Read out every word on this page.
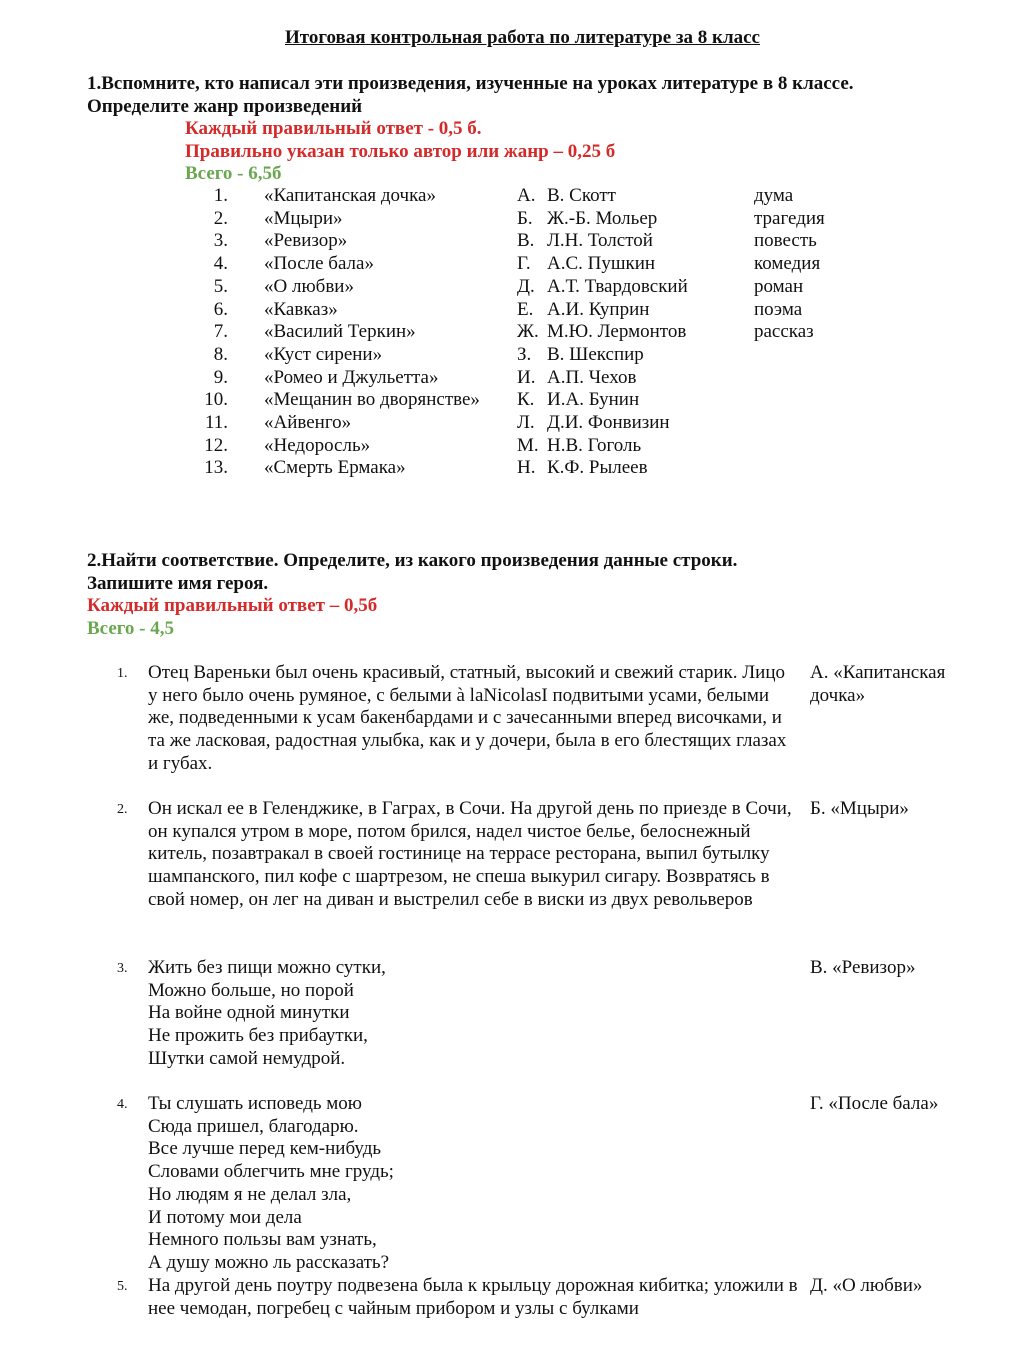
Итоговая контрольная работа по литературе за 8 класс
1.Вспомните, кто написал эти произведения, изученные на уроках литературе в 8 классе.
Определите жанр произведений
Каждый правильный ответ - 0,5 б.
Правильно указан только автор или жанр – 0,25 б
Всего - 6,5б
1.	«Капитанская дочка»	А.	В. Скотт	дума
2.	«Мцыри»	Б.	Ж.-Б. Мольер	трагедия
3.	«Ревизор»	В.	Л.Н. Толстой	повесть
4.	«После бала»	Г.	А.С. Пушкин	комедия
5.	«О любви»	Д.	А.Т. Твардовский	роман
6.	«Кавказ»	Е.	А.И. Куприн	поэма
7.	«Василий Теркин»	Ж.	М.Ю. Лермонтов	рассказ
8.	«Куст сирени»	З.	В. Шекспир	
9.	«Ромео и Джульетта»	И.	А.П. Чехов	
10.	«Мещанин во дворянстве»	К.	И.А. Бунин	
11.	«Айвенго»	Л.	Д.И. Фонвизин	
12.	«Недоросль»	М.	Н.В. Гоголь	
13.	«Смерть Ермака»	Н.	К.Ф. Рылеев	
2.Найти соответствие. Определите, из какого произведения данные строки.
Запишите имя героя.
Каждый правильный ответ – 0,5б
Всего - 4,5
1. Отец Вареньки был очень красивый, статный, высокий и свежий старик. Лицо у него было очень румяное, с белыми à laNicolasI подвитыми усами, белыми же, подведенными к усам бакенбардами и с зачесанными вперед височками, и та же ласковая, радостная улыбка, как и у дочери, была в его блестящих глазах и губах.
А. «Капитанская дочка»
2. Он искал ее в Геленджике, в Гаграх, в Сочи. На другой день по приезде в Сочи, он купался утром в море, потом брился, надел чистое белье, белоснежный китель, позавтракал в своей гостинице на террасе ресторана, выпил бутылку шампанского, пил кофе с шартрезом, не спеша выкурил сигару. Возвратясь в свой номер, он лег на диван и выстрелил себе в виски из двух револьверов
Б. «Мцыри»
3. Жить без пищи можно сутки,
Можно больше, но порой
На войне одной минутки
Не прожить без прибаутки,
Шутки самой немудрой.
В. «Ревизор»
4. Ты слушать исповедь мою
Сюда пришел, благодарю.
Все лучше перед кем-нибудь
Словами облегчить мне грудь;
Но людям я не делал зла,
И потому мои дела
Немного пользы вам узнать,
А душу можно ль рассказать?
Г. «После бала»
5. На другой день поутру подвезена была к крыльцу дорожная кибитка; уложили в нее чемодан, погребец с чайным прибором и узлы с булками
Д. «О любви»
